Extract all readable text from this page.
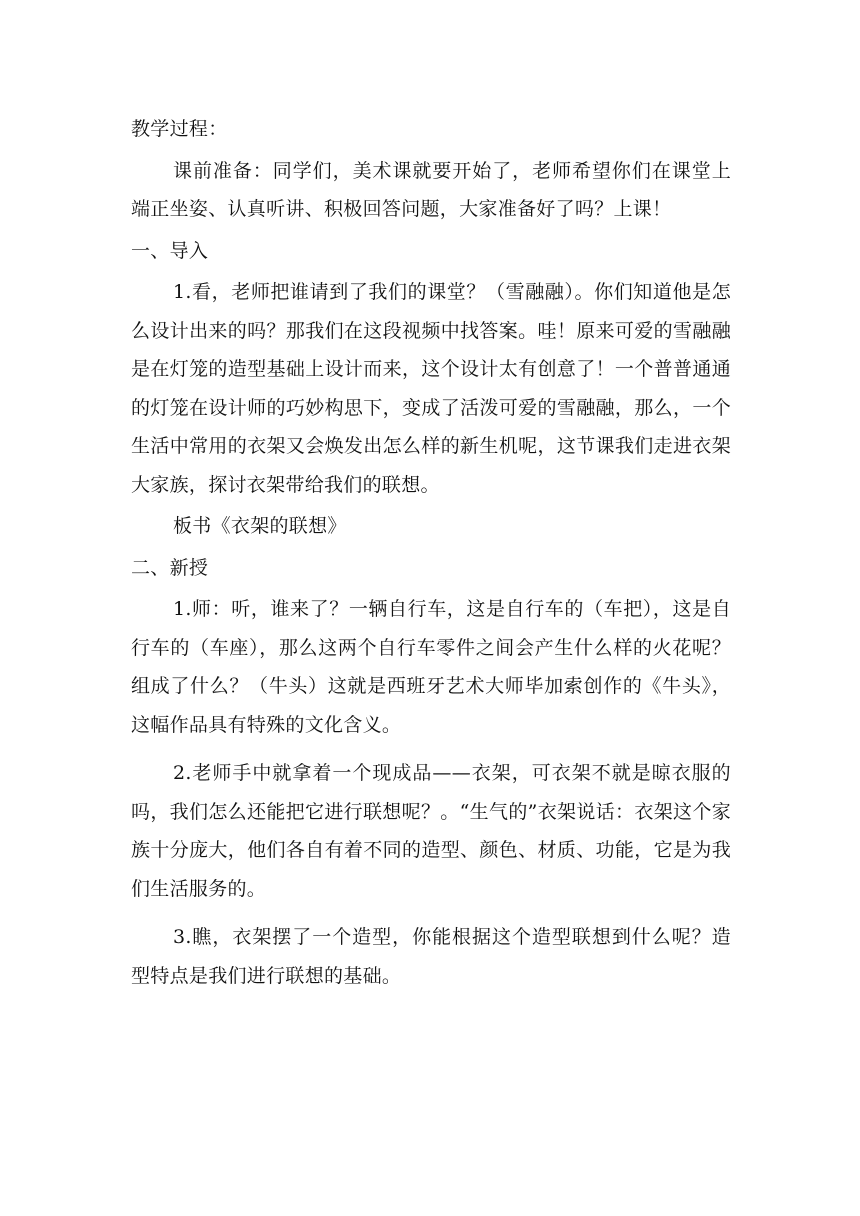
教学过程：

课前准备：同学们，美术课就要开始了，老师希望你们在课堂上端正坐姿、认真听讲、积极回答问题，大家准备好了吗？上课！

一、导入

1.看，老师把谁请到了我们的课堂？（雪融融）。你们知道他是怎么设计出来的吗？那我们在这段视频中找答案。哇！原来可爱的雪融融是在灯笼的造型基础上设计而来，这个设计太有创意了！一个普普通通的灯笼在设计师的巧妙构思下，变成了活泼可爱的雪融融，那么，一个生活中常用的衣架又会焕发出怎么样的新生机呢，这节课我们走进衣架大家族，探讨衣架带给我们的联想。

板书《衣架的联想》

二、新授

1.师：听，谁来了？一辆自行车，这是自行车的（车把），这是自行车的（车座），那么这两个自行车零件之间会产生什么样的火花呢？组成了什么？（牛头）这就是西班牙艺术大师毕加索创作的《牛头》，这幅作品具有特殊的文化含义。

2.老师手中就拿着一个现成品——衣架，可衣架不就是晾衣服的吗，我们怎么还能把它进行联想呢？。“生气的”衣架说话：衣架这个家族十分庞大，他们各自有着不同的造型、颜色、材质、功能，它是为我们生活服务的。

3.瞧，衣架摆了一个造型，你能根据这个造型联想到什么呢？造型特点是我们进行联想的基础。
